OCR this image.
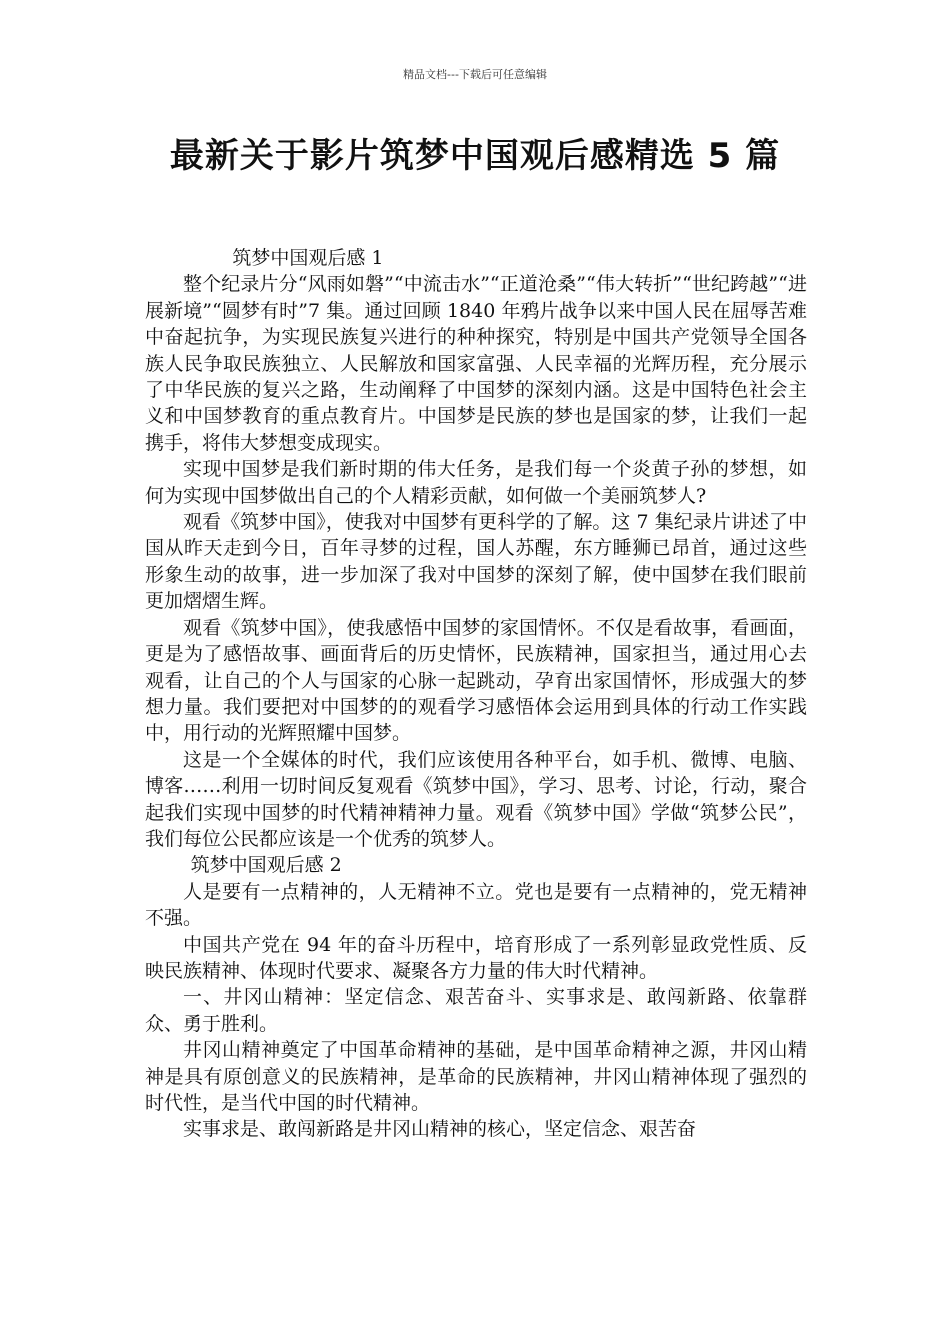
精品文档---下载后可任意编辑
最新关于影片筑梦中国观后感精选 5 篇

筑梦中国观后感 1

整个纪录片分“风雨如磐”“中流击水”“正道沧桑”“伟大转折”“世纪跨越”“进展新境”“圆梦有时”7 集。通过回顾 1840 年鸦片战争以来中国人民在屈辱苦难中奋起抗争，为实现民族复兴进行的种种探究，特别是中国共产党领导全国各族人民争取民族独立、人民解放和国家富强、人民幸福的光辉历程，充分展示了中华民族的复兴之路，生动阐释了中国梦的深刻内涵。这是中国特色社会主义和中国梦教育的重点教育片。中国梦是民族的梦也是国家的梦，让我们一起携手，将伟大梦想变成现实。

实现中国梦是我们新时期的伟大任务，是我们每一个炎黄子孙的梦想，如何为实现中国梦做出自己的个人精彩贡献，如何做一个美丽筑梦人?

观看《筑梦中国》，使我对中国梦有更科学的了解。这 7 集纪录片讲述了中国从昨天走到今日，百年寻梦的过程，国人苏醒，东方睡狮已昂首，通过这些形象生动的故事，进一步加深了我对中国梦的深刻了解，使中国梦在我们眼前更加熠熠生辉。

观看《筑梦中国》，使我感悟中国梦的家国情怀。不仅是看故事，看画面，更是为了感悟故事、画面背后的历史情怀，民族精神，国家担当，通过用心去观看，让自己的个人与国家的心脉一起跳动，孕育出家国情怀，形成强大的梦想力量。我们要把对中国梦的的观看学习感悟体会运用到具体的行动工作实践中，用行动的光辉照耀中国梦。

这是一个全媒体的时代，我们应该使用各种平台，如手机、微博、电脑、博客……利用一切时间反复观看《筑梦中国》，学习、思考、讨论，行动，聚合起我们实现中国梦的时代精神精神力量。观看《筑梦中国》学做“筑梦公民”，我们每位公民都应该是一个优秀的筑梦人。

筑梦中国观后感 2

人是要有一点精神的，人无精神不立。党也是要有一点精神的，党无精神不强。

中国共产党在 94 年的奋斗历程中，培育形成了一系列彰显政党性质、反映民族精神、体现时代要求、凝聚各方力量的伟大时代精神。

一、井冈山精神：坚定信念、艰苦奋斗、实事求是、敢闯新路、依靠群众、勇于胜利。

井冈山精神奠定了中国革命精神的基础，是中国革命精神之源，井冈山精神是具有原创意义的民族精神，是革命的民族精神，井冈山精神体现了强烈的时代性，是当代中国的时代精神。

实事求是、敢闯新路是井冈山精神的核心，坚定信念、艰苦奋
